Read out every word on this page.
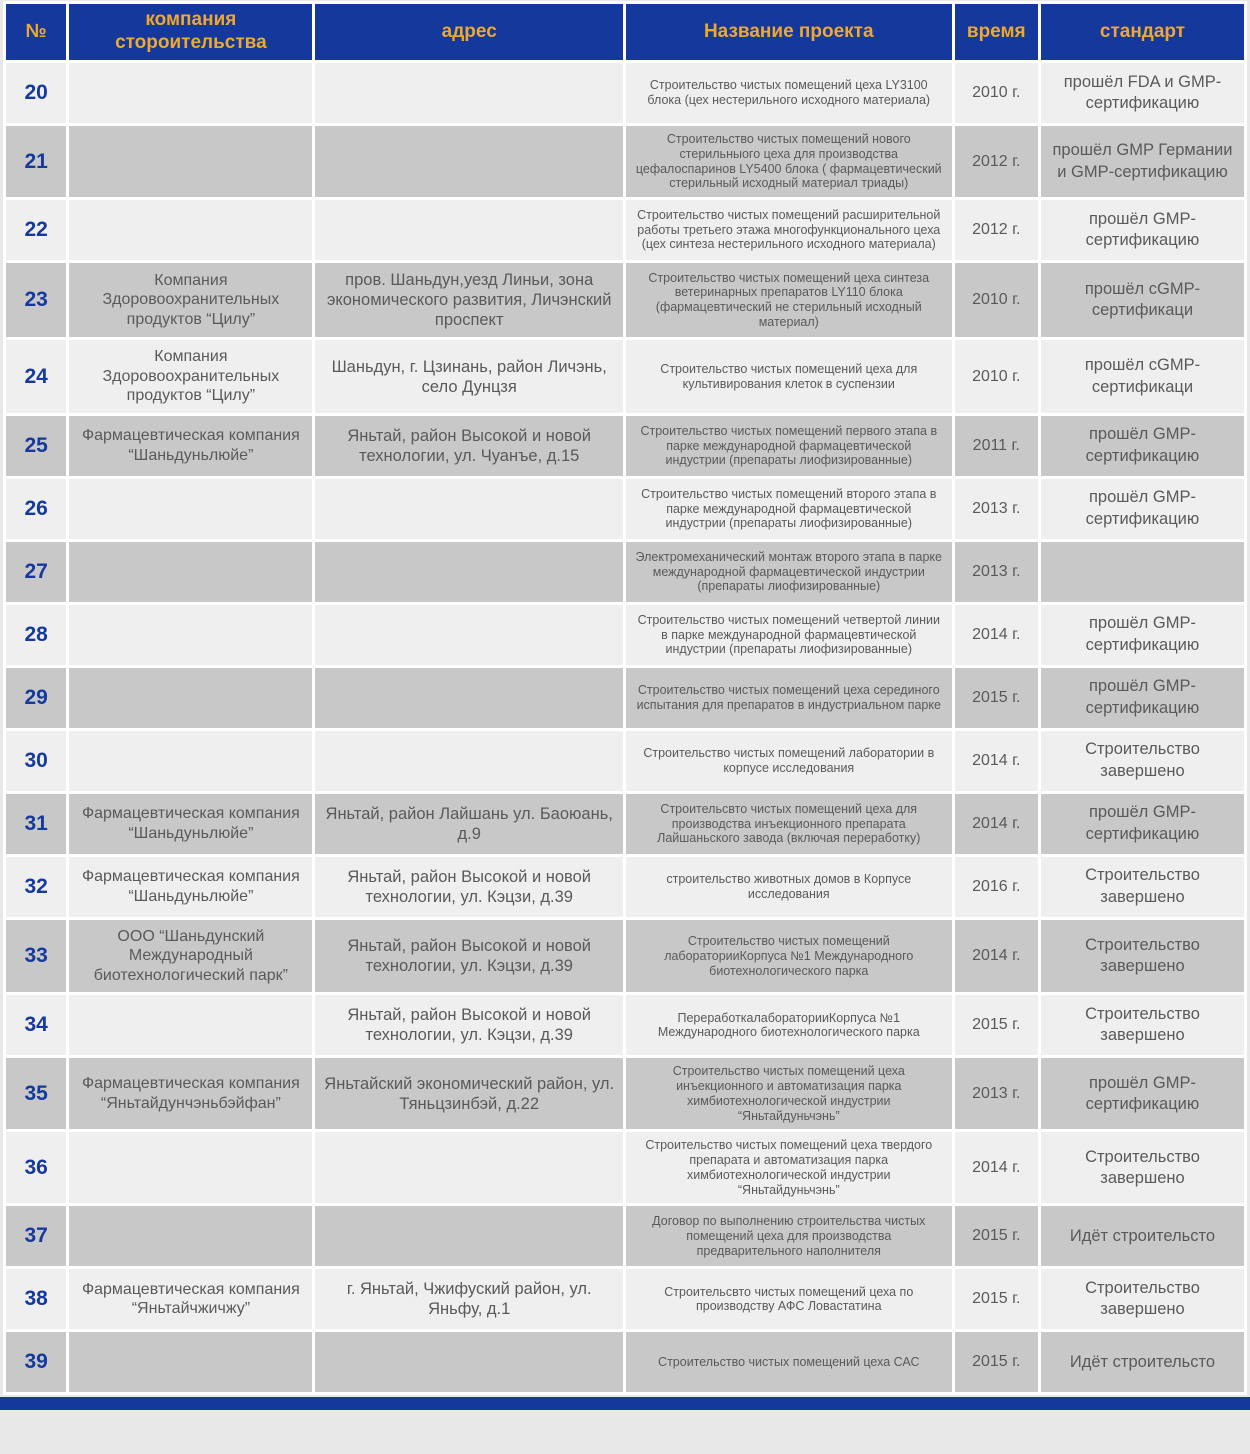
№	компания стороительства	адрес	Название проекта	время	стандарт
20			Строительство чистых помещений цеха LY3100 блока (цех нестерильного исходного материала)	2010 г.	прошёл FDA и GMP-сертификацию
21			Строительство чистых помещений нового стерильныого цеха для производства цефалоспаринов LY5400 блока ( фармацевтический стерильный исходный материал триады)	2012 г.	прошёл GMP Германии и GMP-сертификацию
22			Строительство чистых помещений расширительной работы третьего этажа многофункционального цеха (цех синтеза нестерильного исходного материала)	2012 г.	прошёл GMP-сертификацию
23	Компания Здоровоохранительных продуктов “Цилу”	пров. Шаньдун,уезд Линьи, зона экономического развития, Личэнский проспект	Строительство чистых помещений цеха синтеза ветеринарных препаратов LY110 блока (фармацевтический не стерильный исходный материал)	2010 г.	прошёл cGMP-сертификаци
24	Компания Здоровоохранительных продуктов “Цилу”	Шаньдун, г. Цзинань, район Личэнь, село Дунцзя	Строительство чистых помещений цеха для культивирования клеток в суспензии	2010 г.	прошёл cGMP-сертификаци
25	Фармацевтическая компания “Шаньдуньлюйе”	Яньтай, район Высокой и новой технологии, ул. Чуанъе, д.15	Строительство чистых помещений первого этапа в парке международной фармацевтической индустрии (препараты лиофизированные)	2011 г.	прошёл GMP-сертификацию
26			Строительство чистых помещений второго этапа в парке международной фармацевтической индустрии (препараты лиофизированные)	2013 г.	прошёл GMP-сертификацию
27			Электромеханический монтаж второго этапа в парке международной фармацевтической индустрии (препараты лиофизированные)	2013 г.	
28			Строительство чистых помещений четвертой линии в парке международной фармацевтической индустрии (препараты лиофизированные)	2014 г.	прошёл GMP-сертификацию
29			Строительство чистых помещений цеха серединого испытания для препаратов в индустриальном парке	2015 г.	прошёл GMP-сертификацию
30			Строительство чистых помещений лаборатории в корпусе исследования	2014 г.	Строительство завершено
31	Фармацевтическая компания “Шаньдуньлюйе”	Яньтай, район Лайшань ул. Баоюань, д.9	Строительсвто чистых помещений цеха для производства инъекционного препарата Лайшаньского завода (включая переработку)	2014 г.	прошёл GMP-сертификацию
32	Фармацевтическая компания “Шаньдуньлюйе”	Яньтай, район Высокой и новой технологии, ул. Кэцзи, д.39	строительство животных домов в Корпусе исследования	2016 г.	Строительство завершено
33	ООО “Шаньдунский Международный биотехнологический парк”	Яньтай, район Высокой и новой технологии, ул. Кэцзи, д.39	Строительство чистых помещений лабораторииКорпуса №1 Международного биотехнологического парка	2014 г.	Строительство завершено
34		Яньтай, район Высокой и новой технологии, ул. Кэцзи, д.39	ПереработкалабораторииКорпуса №1 Международного биотехнологического парка	2015 г.	Строительство завершено
35	Фармацевтическая компания “Яньтайдунчэньбэйфан”	Яньтайский экономический район, ул. Тяньцзинбэй, д.22	Строительство чистых помещений цеха инъекционного и автоматизация парка химбиотехнологической индустрии “Яньтайдуньчэнь”	2013 г.	прошёл GMP-сертификацию
36			Строительство чистых помещений цеха твердого препарата и автоматизация парка химбиотехнологической индустрии “Яньтайдуньчэнь”	2014 г.	Строительство завершено
37			Договор по выполнению строительства чистых помещений цеха для производства предварительного наполнителя	2015 г.	Идёт строительсто
38	Фармацевтическая компания “Яньтайчжичжу”	г. Яньтай, Чжифуский район, ул. Яньфу, д.1	Строительсвто чистых помещений цеха по производству АФС Ловастатина	2015 г.	Строительство завершено
39			Строительство чистых помещений цеха САС	2015 г.	Идёт строительсто
